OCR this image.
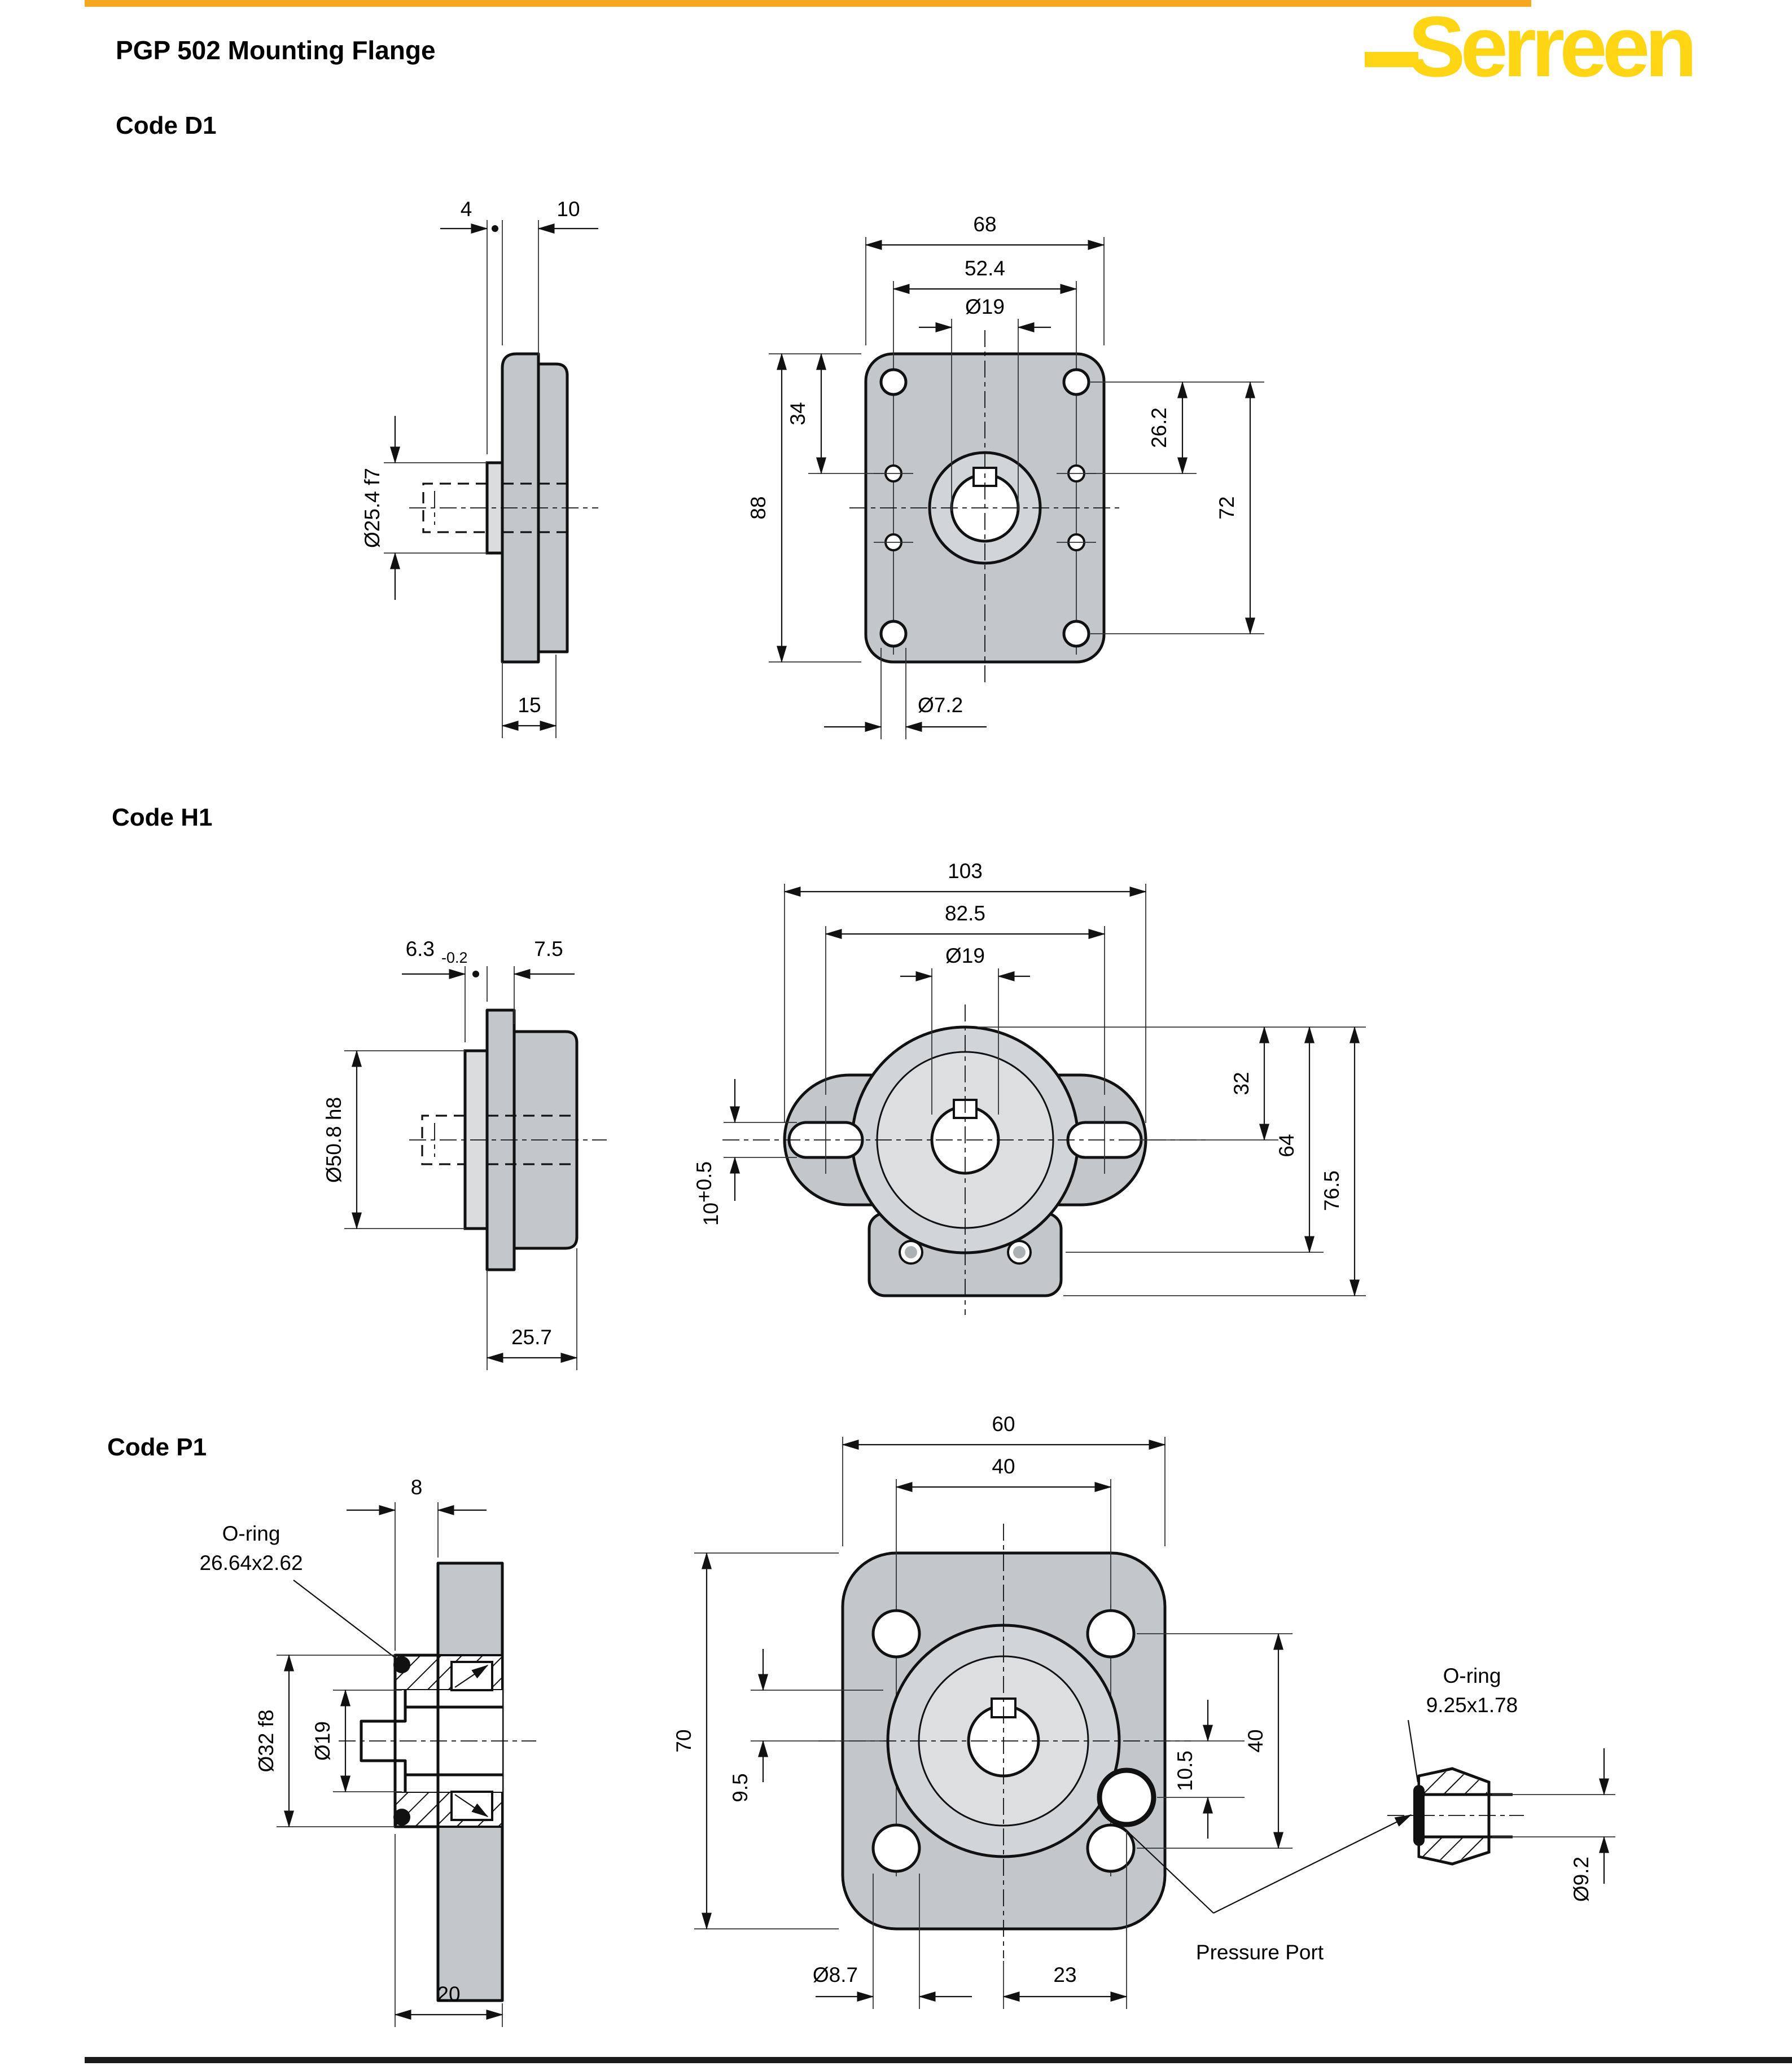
Serreen
PGP 502 Mounting Flange
Code D1
Code H1
Code P1
4	10
Ø25.4 f7
15
Ø19
52.4
68
88
34	26.2
72
Ø7.2
6.3 -0.2	7.5
Ø50.8 h8
25.7
Ø19
82.5
103
10+0.5
32
64
76.5
O-ring
26.64x2.62
8
Ø32 f8 Ø19
20
60
40
70
9.5	10.5
40
Ø8.7	23
Pressure Port
O-ring
9.25x1.78
Ø9.2
